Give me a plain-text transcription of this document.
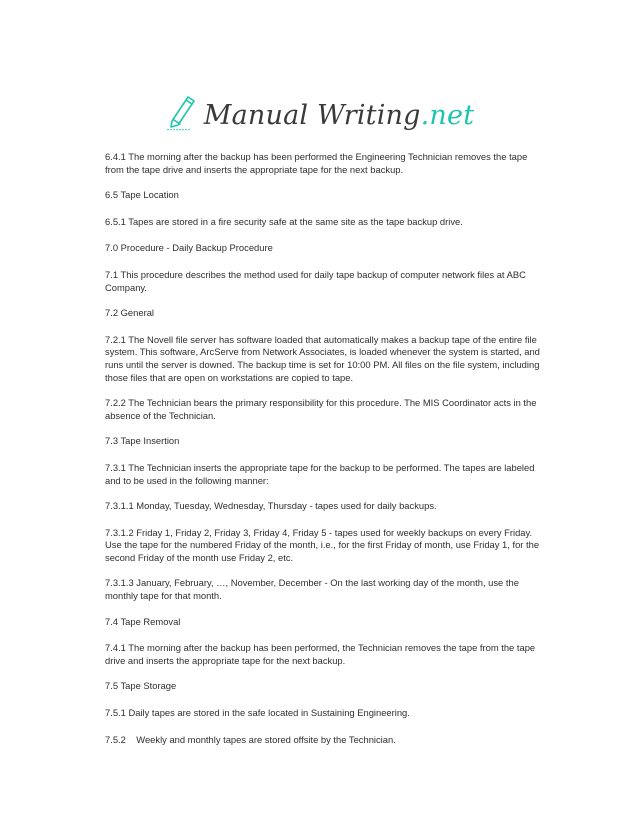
Manual Writing.net

6.4.1 The morning after the backup has been performed the Engineering Technician removes the tape from the tape drive and inserts the appropriate tape for the next backup.

6.5 Tape Location

6.5.1 Tapes are stored in a fire security safe at the same site as the tape backup drive.

7.0 Procedure - Daily Backup Procedure

7.1 This procedure describes the method used for daily tape backup of computer network files at ABC Company.

7.2 General

7.2.1 The Novell file server has software loaded that automatically makes a backup tape of the entire file system. This software, ArcServe from Network Associates, is loaded whenever the system is started, and runs until the server is downed. The backup time is set for 10:00 PM. All files on the file system, including those files that are open on workstations are copied to tape.

7.2.2 The Technician bears the primary responsibility for this procedure. The MIS Coordinator acts in the absence of the Technician.

7.3 Tape Insertion

7.3.1 The Technician inserts the appropriate tape for the backup to be performed. The tapes are labeled and to be used in the following manner:

7.3.1.1 Monday, Tuesday, Wednesday, Thursday - tapes used for daily backups.

7.3.1.2 Friday 1, Friday 2, Friday 3, Friday 4, Friday 5 - tapes used for weekly backups on every Friday. Use the tape for the numbered Friday of the month, i.e., for the first Friday of month, use Friday 1, for the second Friday of the month use Friday 2, etc.

7.3.1.3 January, February, …, November, December - On the last working day of the month, use the monthly tape for that month.

7.4 Tape Removal

7.4.1 The morning after the backup has been performed, the Technician removes the tape from the tape drive and inserts the appropriate tape for the next backup.

7.5 Tape Storage

7.5.1 Daily tapes are stored in the safe located in Sustaining Engineering.

7.5.2    Weekly and monthly tapes are stored offsite by the Technician.
